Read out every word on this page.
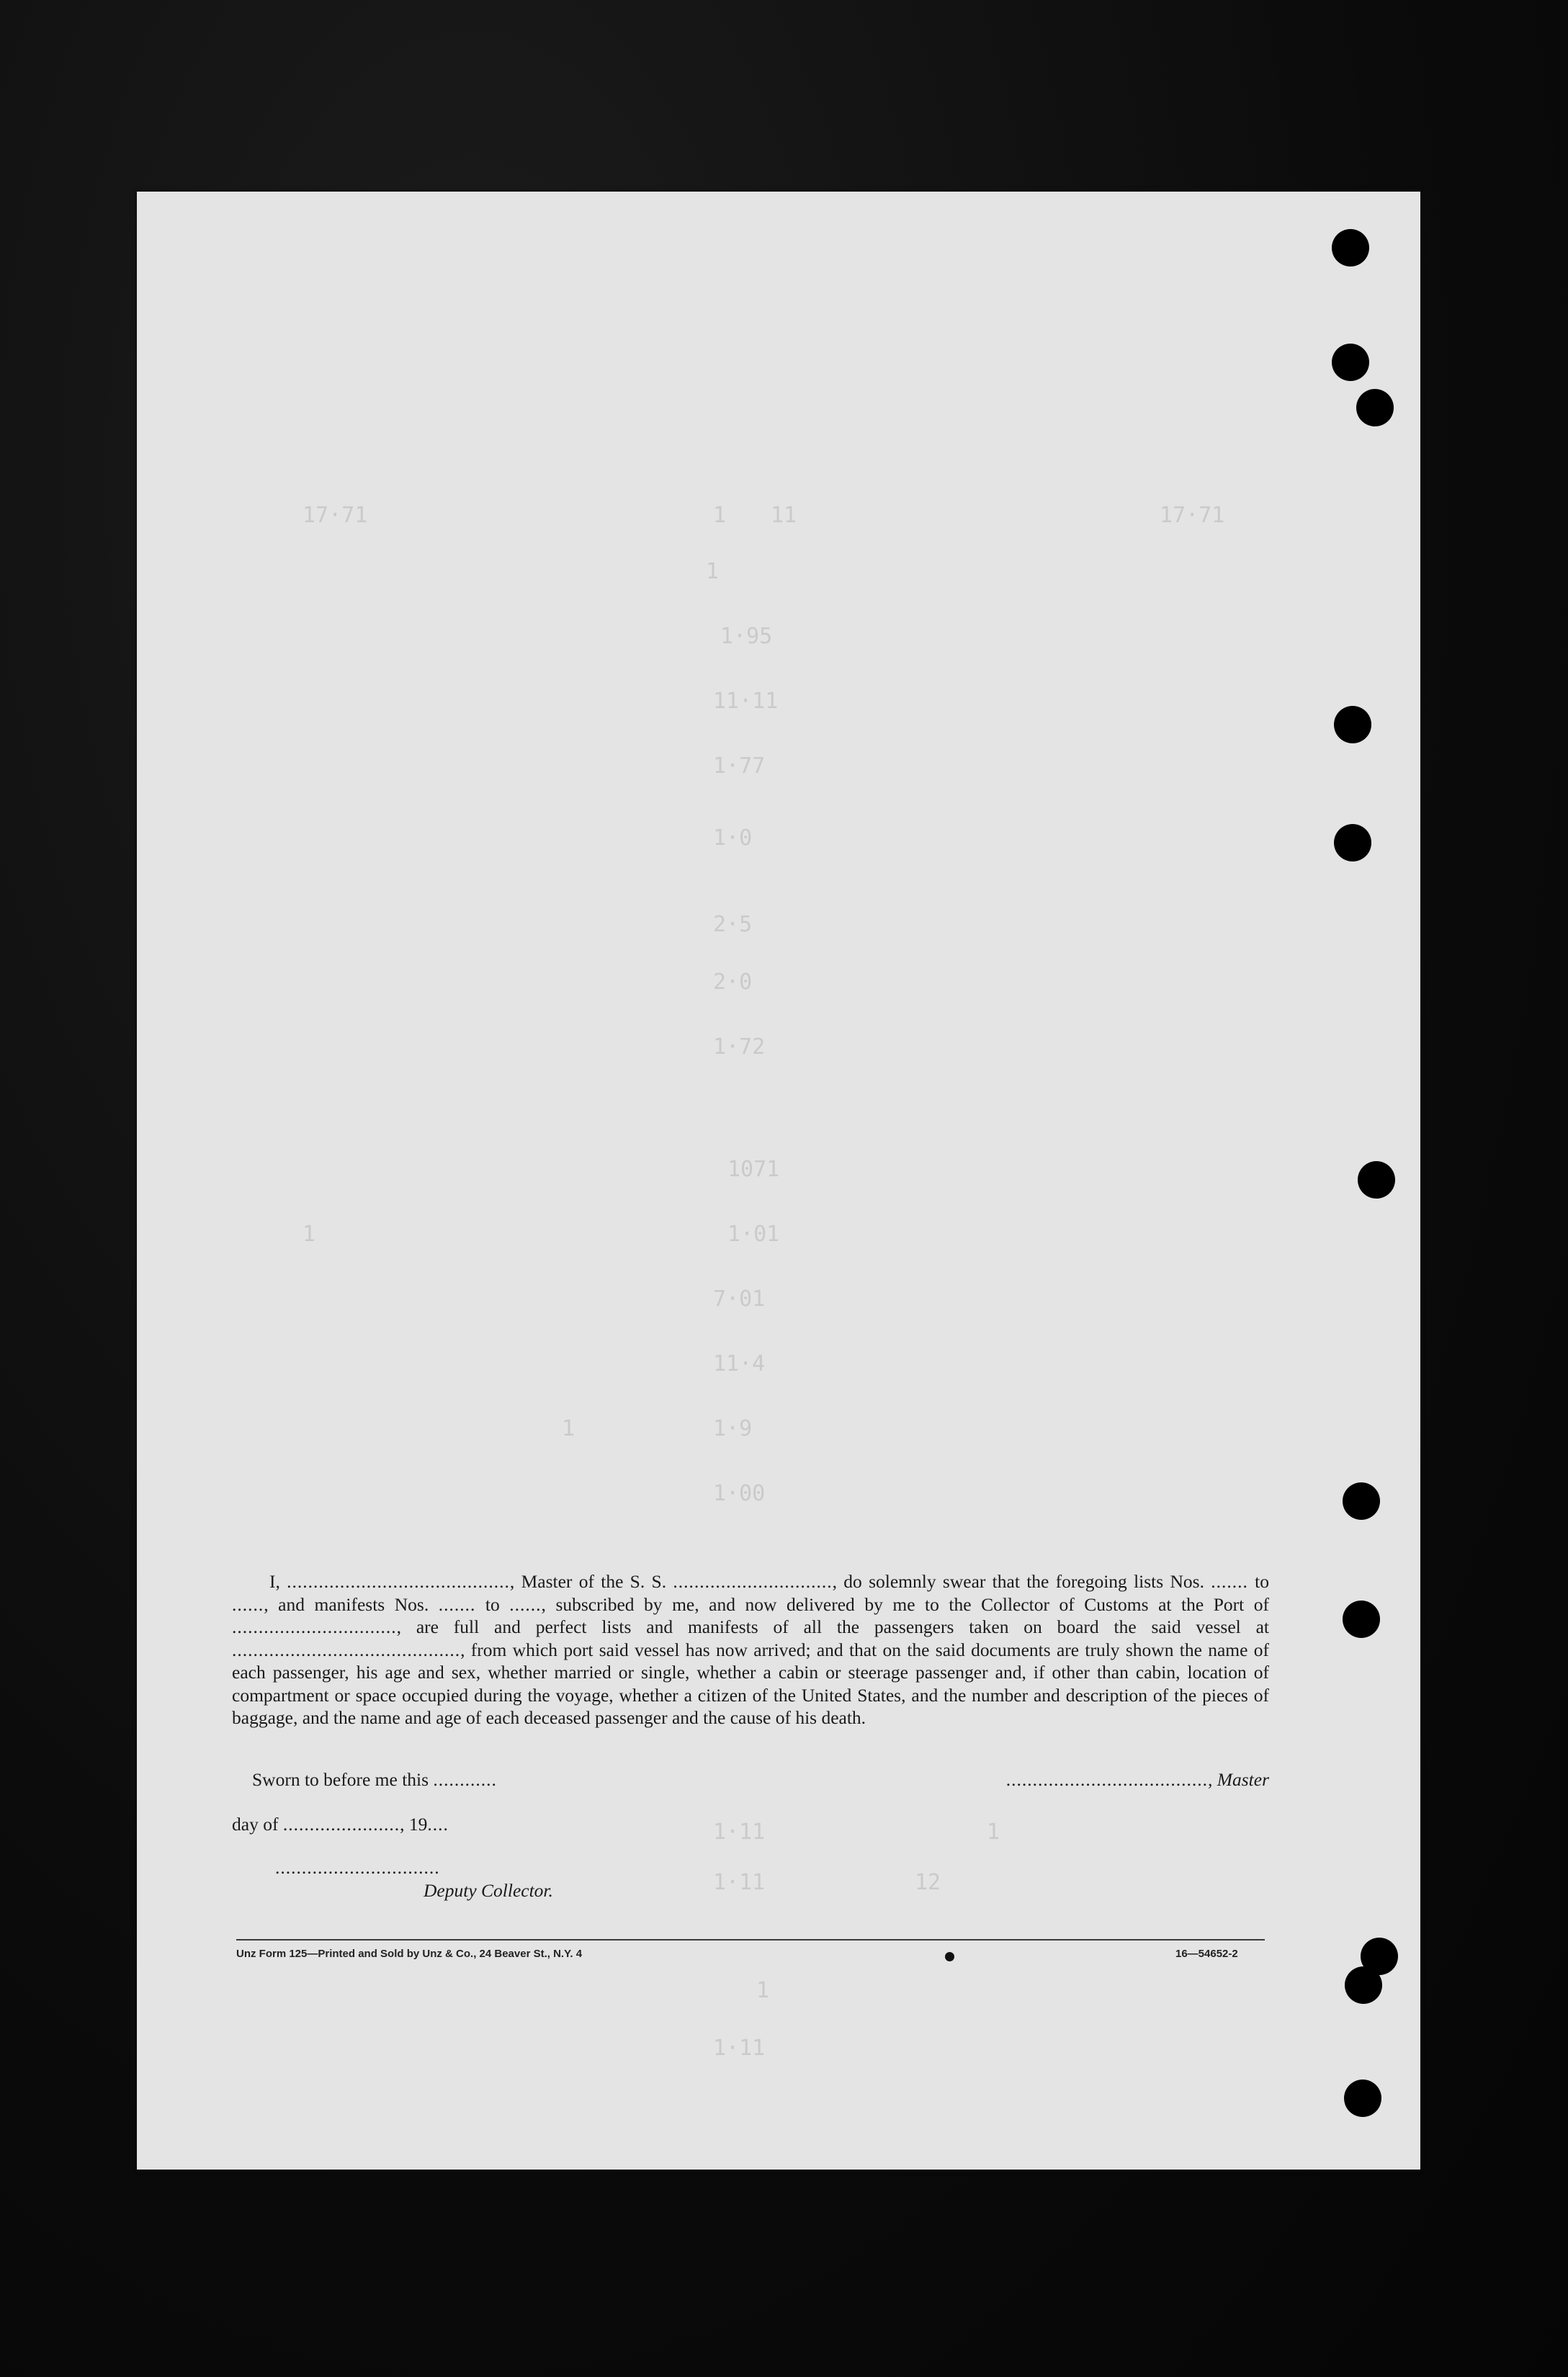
17·71	1 11	17·71
1
1·95
11·11
1·77
1·0
2·5
2·0
1·72
1071
1	1·01
7·01
11·4
1	1·9
1·00
1·11	1
1·11	12
1
1·11

I, .........................................., Master of the S. S. .............................., do solemnly swear that the foregoing lists Nos. ....... to ......, and manifests Nos. ....... to ......, subscribed by me, and now delivered by me to the Collector of Customs at the Port of ..............................., are full and perfect lists and manifests of all the passengers taken on board the said vessel at ..........................................., from which port said vessel has now arrived; and that on the said documents are truly shown the name of each passenger, his age and sex, whether married or single, whether a cabin or steerage passenger and, if other than cabin, location of compartment or space occupied during the voyage, whether a citizen of the United States, and the number and description of the pieces of baggage, and the name and age of each deceased passenger and the cause of his death.

Sworn to before me this ............	......................................, Master
day of ......................, 19....
...............................
Deputy Collector.
Unz Form 125—Printed and Sold by Unz & Co., 24 Beaver St., N.Y. 4	16—54652-2
